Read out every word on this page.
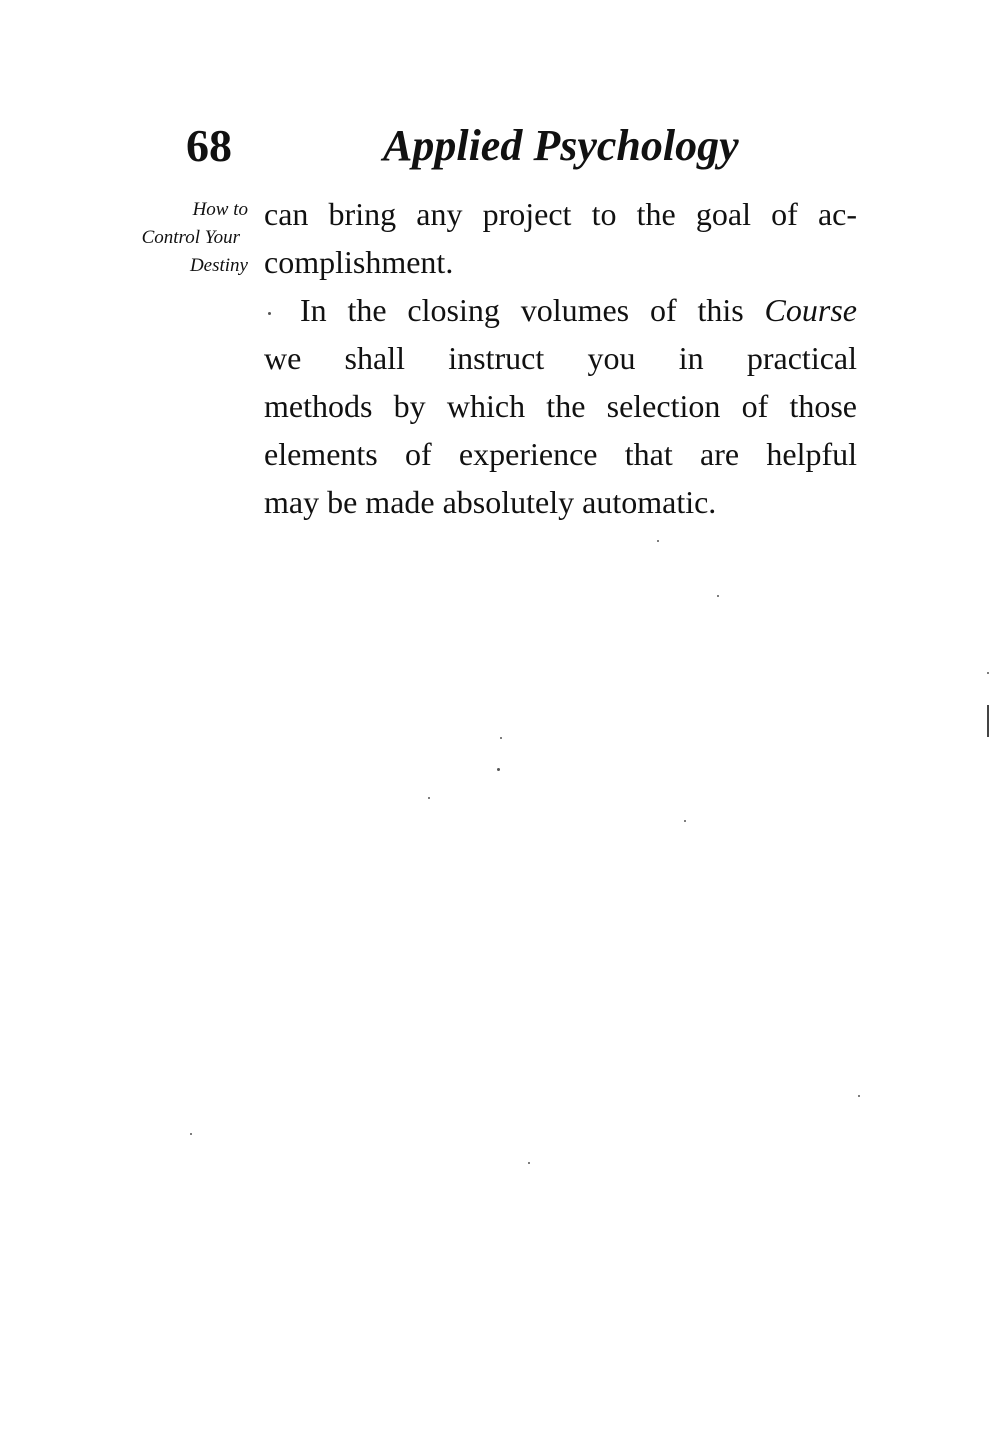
68	Applied Psychology
How to
Control Your
Destiny

can bring any project to the goal of ac-
complishment.

In the closing volumes of this Course
we shall instruct you in practical
methods by which the selection of those
elements of experience that are helpful
may be made absolutely automatic.
